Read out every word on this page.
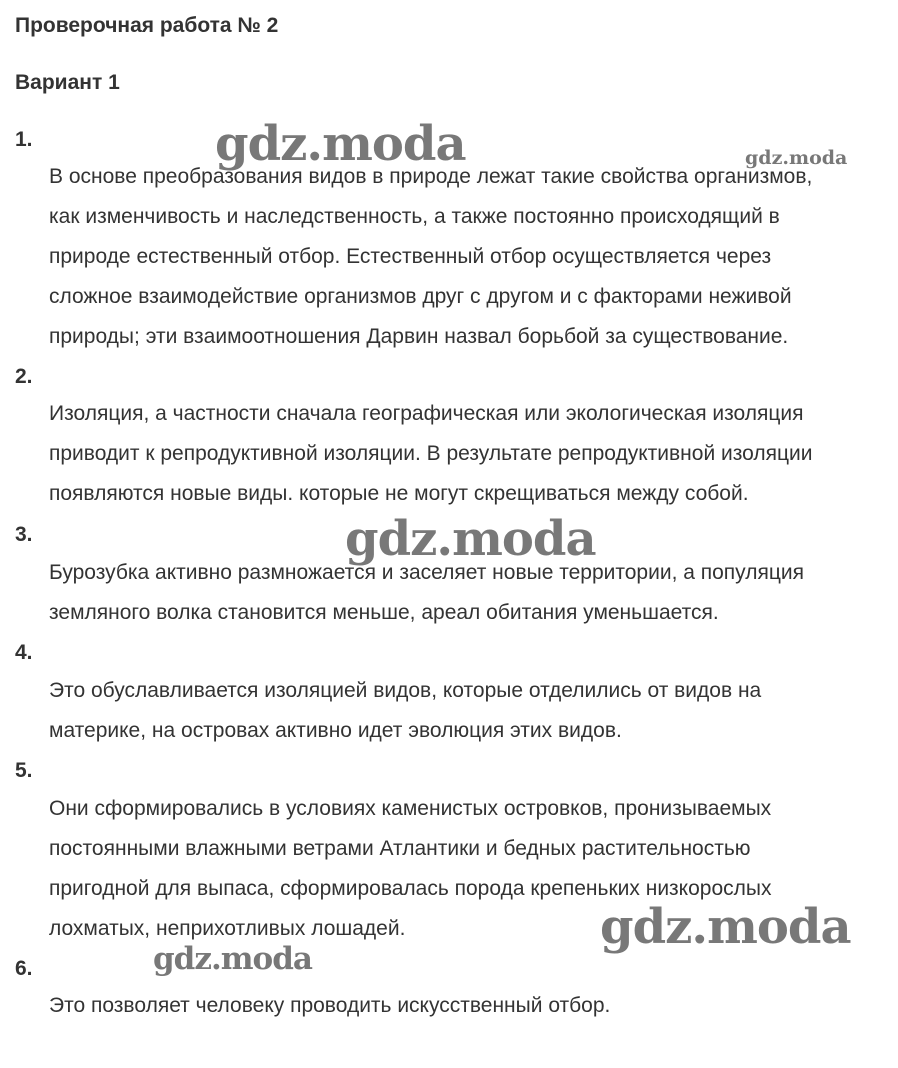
Проверочная работа № 2
Вариант 1
1.
В основе преобразования видов в природе лежат такие свойства организмов,
как изменчивость и наследственность, а также постоянно происходящий в
природе естественный отбор. Естественный отбор осуществляется через
сложное взаимодействие организмов друг с другом и с факторами неживой
природы; эти взаимоотношения Дарвин назвал борьбой за существование.
2.
Изоляция, а частности сначала географическая или экологическая изоляция
приводит к репродуктивной изоляции. В результате репродуктивной изоляции
появляются новые виды. которые не могут скрещиваться между собой.
3.
Бурозубка активно размножается и заселяет новые территории, а популяция
земляного волка становится меньше, ареал обитания уменьшается.
4.
Это обуславливается изоляцией видов, которые отделились от видов на
материке, на островах активно идет эволюция этих видов.
5.
Они сформировались в условиях каменистых островков, пронизываемых
постоянными влажными ветрами Атлантики и бедных растительностью
пригодной для выпаса, сформировалась порода крепеньких низкорослых
лохматых, неприхотливых лошадей.
6.
Это позволяет человеку проводить искусственный отбор.
gdz.moda	gdz.moda
gdz.moda
gdz.moda
gdz.moda
